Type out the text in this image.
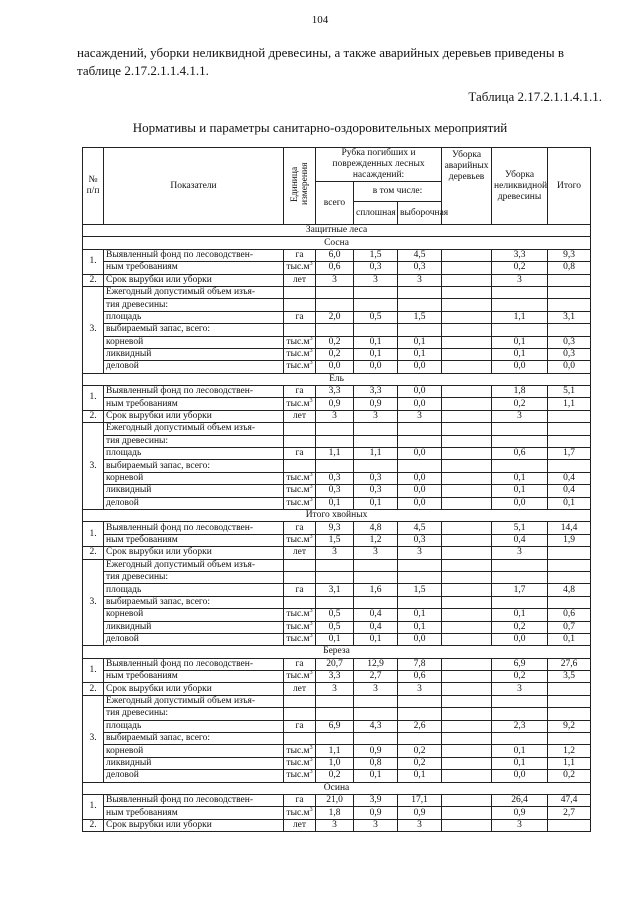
104
насаждений, уборки неликвидной древесины, а также аварийных деревьев приведены в таблице 2.17.2.1.1.4.1.1.
Таблица 2.17.2.1.1.4.1.1.
Нормативы и параметры санитарно-оздоровительных мероприятий
№ п/п	Показатели	Единица измерения	Рубка погибших и поврежденных лесных насаждений:			Уборка аварийных деревьев	Уборка неликвидной древесины	Итого
			всего	в том числе:				
				сплошная	выборочная			
Защитные леса								
Сосна								
1.	Выявленный фонд по лесоводствен-	га	6,0	1,5	4,5		3,3	9,3
	ным требованиям	$тыс.м^3$	0,6	0,3	0,3		0,2	0,8
2.	Срок вырубки или уборки	лет	3	3	3		3	
3.	Ежегодный допустимый объем изъя-							
	тия древесины:							
	площадь	га	2,0	0,5	1,5		1,1	3,1
	выбираемый запас, всего:							
	корневой	$тыс.м^3$	0,2	0,1	0,1		0,1	0,3
	ликвидный	$тыс.м^3$	0,2	0,1	0,1		0,1	0,3
	деловой	$тыс.м^3$	0,0	0,0	0,0		0,0	0,0
Ель								
1.	Выявленный фонд по лесоводствен-	га	3,3	3,3	0,0		1,8	5,1
	ным требованиям	$тыс.м^3$	0,9	0,9	0,0		0,2	1,1
2.	Срок вырубки или уборки	лет	3	3	3		3	
3.	Ежегодный допустимый объем изъя-							
	тия древесины:							
	площадь	га	1,1	1,1	0,0		0,6	1,7
	выбираемый запас, всего:							
	корневой	$тыс.м^3$	0,3	0,3	0,0		0,1	0,4
	ликвидный	$тыс.м^3$	0,3	0,3	0,0		0,1	0,4
	деловой	$тыс.м^3$	0,1	0,1	0,0		0,0	0,1
Итого хвойных								
1.	Выявленный фонд по лесоводствен-	га	9,3	4,8	4,5		5,1	14,4
	ным требованиям	$тыс.м^3$	1,5	1,2	0,3		0,4	1,9
2.	Срок вырубки или уборки	лет	3	3	3		3	
3.	Ежегодный допустимый объем изъя-							
	тия древесины:							
	площадь	га	3,1	1,6	1,5		1,7	4,8
	выбираемый запас, всего:							
	корневой	$тыс.м^3$	0,5	0,4	0,1		0,1	0,6
	ликвидный	$тыс.м^3$	0,5	0,4	0,1		0,2	0,7
	деловой	$тыс.м^3$	0,1	0,1	0,0		0,0	0,1
Береза								
1.	Выявленный фонд по лесоводствен-	га	20,7	12,9	7,8		6,9	27,6
	ным требованиям	$тыс.м^3$	3,3	2,7	0,6		0,2	3,5
2.	Срок вырубки или уборки	лет	3	3	3		3	
3.	Ежегодный допустимый объем изъя-							
	тия древесины:							
	площадь	га	6,9	4,3	2,6		2,3	9,2
	выбираемый запас, всего:							
	корневой	$тыс.м^3$	1,1	0,9	0,2		0,1	1,2
	ликвидный	$тыс.м^3$	1,0	0,8	0,2		0,1	1,1
	деловой	$тыс.м^3$	0,2	0,1	0,1		0,0	0,2
Осина								
1.	Выявленный фонд по лесоводствен-	га	21,0	3,9	17,1		26,4	47,4
	ным требованиям	$тыс.м^3$	1,8	0,9	0,9		0,9	2,7
2.	Срок вырубки или уборки	лет	3	3	3		3	
